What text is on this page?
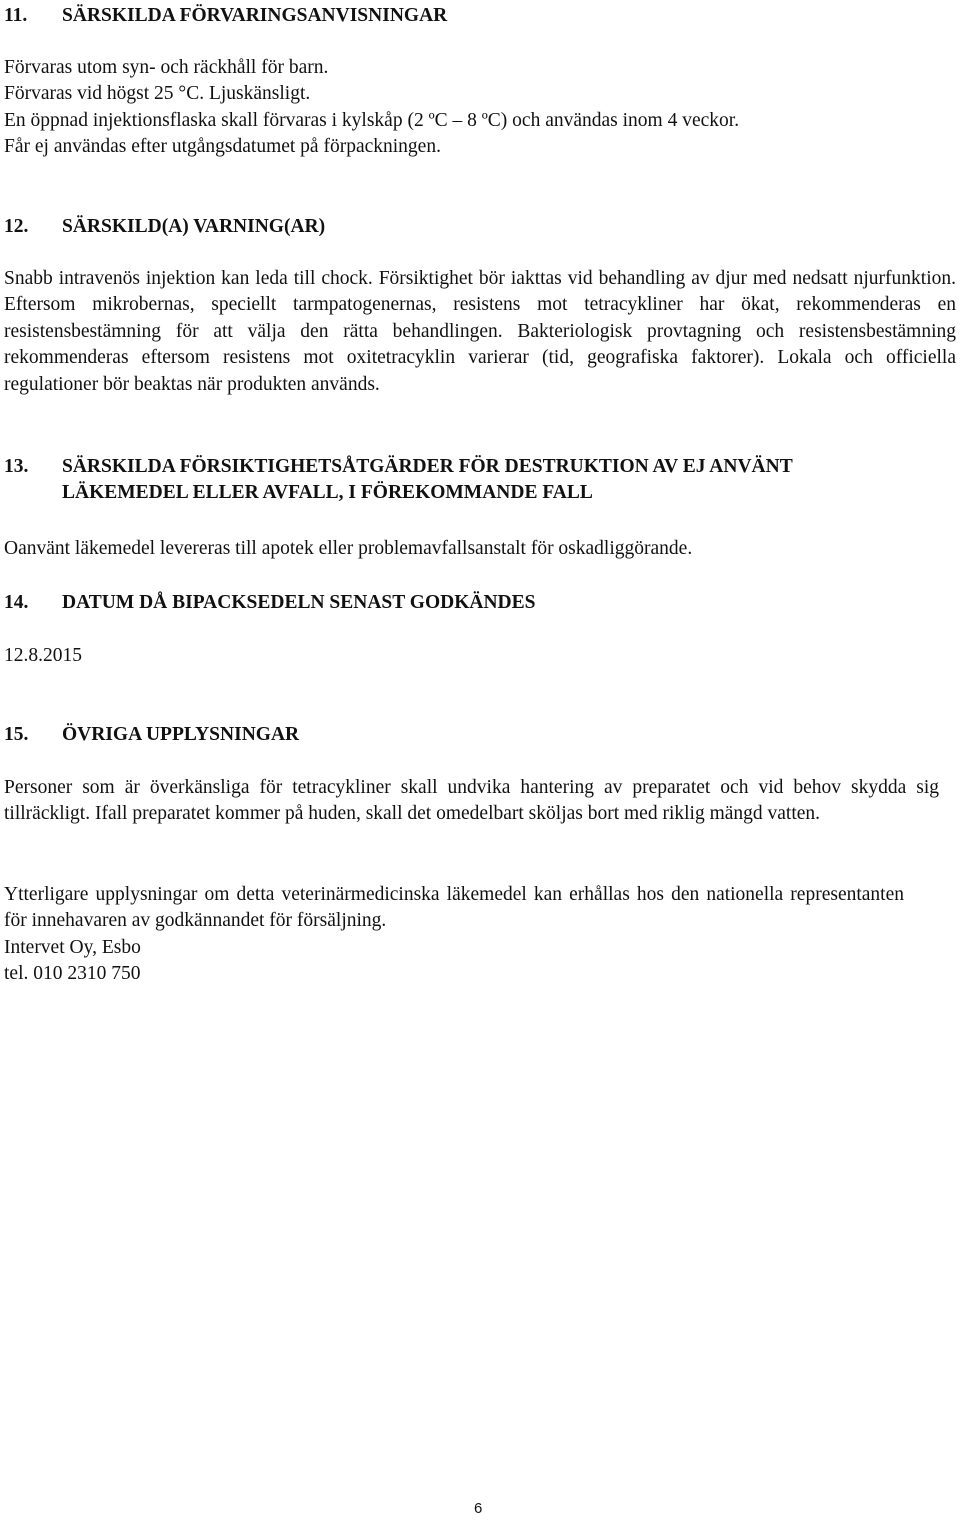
11. SÄRSKILDA FÖRVARINGSANVISNINGAR
Förvaras utom syn- och räckhåll för barn.
Förvaras vid högst 25 °C. Ljuskänsligt.
En öppnad injektionsflaska skall förvaras i kylskåp (2 ºC – 8 ºC) och användas inom 4 veckor.
Får ej användas efter utgångsdatumet på förpackningen.
12. SÄRSKILD(A) VARNING(AR)
Snabb intravenös injektion kan leda till chock. Försiktighet bör iakttas vid behandling av djur med nedsatt njurfunktion. Eftersom mikrobernas, speciellt tarmpatogenernas, resistens mot tetracykliner har ökat, rekommenderas en resistensbestämning för att välja den rätta behandlingen. Bakteriologisk provtagning och resistensbestämning rekommenderas eftersom resistens mot oxitetracyklin varierar (tid, geografiska faktorer). Lokala och officiella regulationer bör beaktas när produkten används.
13. SÄRSKILDA FÖRSIKTIGHETSÅTGÄRDER FÖR DESTRUKTION AV EJ ANVÄNT
LÄKEMEDEL ELLER AVFALL, I FÖREKOMMANDE FALL
Oanvänt läkemedel levereras till apotek eller problemavfallsanstalt för oskadliggörande.
14. DATUM DÅ BIPACKSEDELN SENAST GODKÄNDES
12.8.2015
15. ÖVRIGA UPPLYSNINGAR
Personer som är överkänsliga för tetracykliner skall undvika hantering av preparatet och vid behov skydda sig tillräckligt. Ifall preparatet kommer på huden, skall det omedelbart sköljas bort med riklig mängd vatten.
Ytterligare upplysningar om detta veterinärmedicinska läkemedel kan erhållas hos den nationella representanten för innehavaren av godkännandet för försäljning.
Intervet Oy, Esbo
tel. 010 2310 750
6
